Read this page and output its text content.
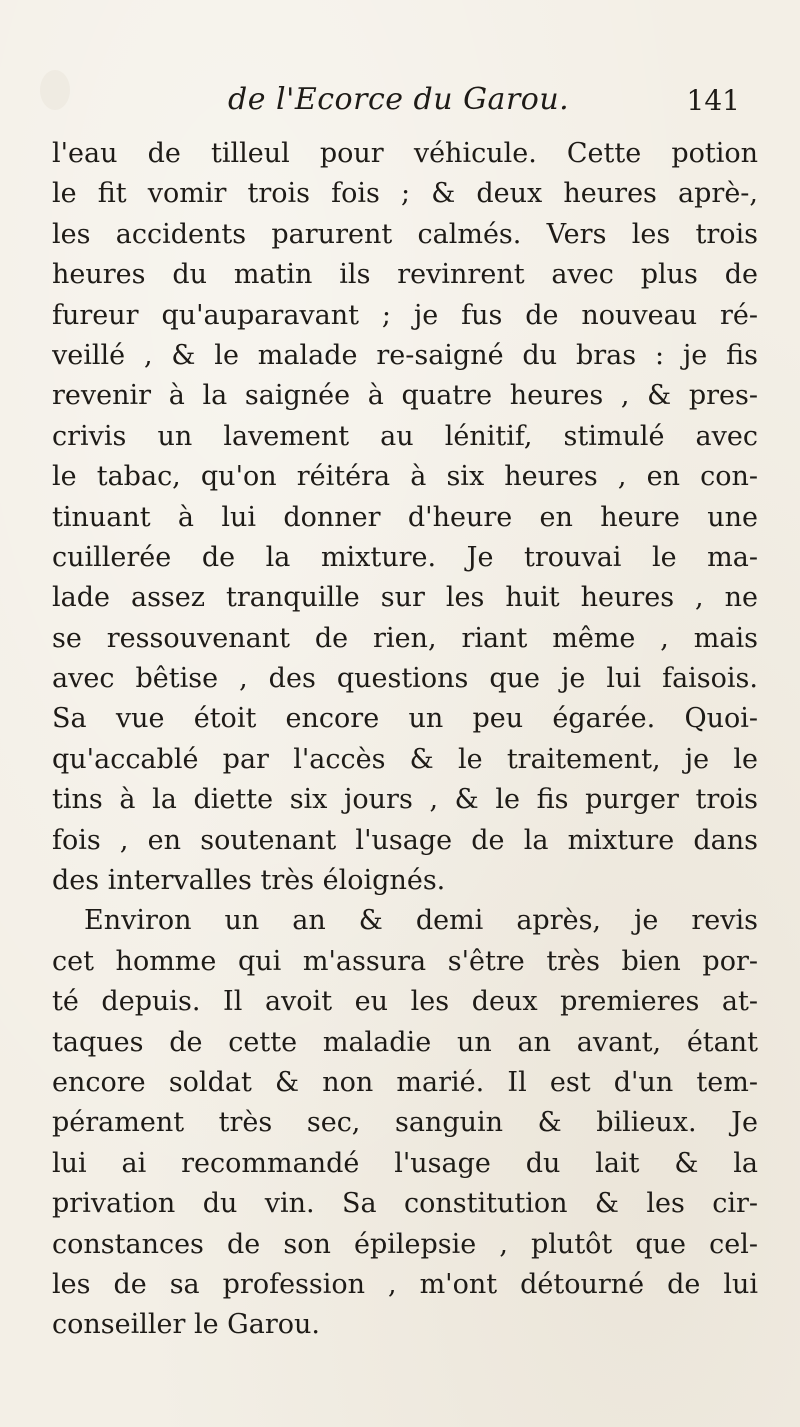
de l'Ecorce du Garou.	141
l'eau de tilleul pour véhicule. Cette potion
le fit vomir trois fois ; & deux heures aprè-,
les accidents parurent calmés. Vers les trois
heures du matin ils revinrent avec plus de
fureur qu'auparavant ; je fus de nouveau ré-
veillé , & le malade re-saigné du bras : je fis
revenir à la saignée à quatre heures , & pres-
crivis un lavement au lénitif, stimulé avec
le tabac, qu'on réitéra à six heures , en con-
tinuant à lui donner d'heure en heure une
cuillerée de la mixture. Je trouvai le ma-
lade assez tranquille sur les huit heures , ne
se ressouvenant de rien, riant même , mais
avec bêtise , des questions que je lui faisois.
Sa vue étoit encore un peu égarée. Quoi-
qu'accablé par l'accès & le traitement, je le
tins à la diette six jours , & le fis purger trois
fois , en soutenant l'usage de la mixture dans
des intervalles très éloignés.
Environ un an & demi après, je revis
cet homme qui m'assura s'être très bien por-
té depuis. Il avoit eu les deux premieres at-
taques de cette maladie un an avant, étant
encore soldat & non marié. Il est d'un tem-
pérament très sec, sanguin & bilieux. Je
lui ai recommandé l'usage du lait & la
privation du vin. Sa constitution & les cir-
constances de son épilepsie , plutôt que cel-
les de sa profession , m'ont détourné de lui
conseiller le Garou.
